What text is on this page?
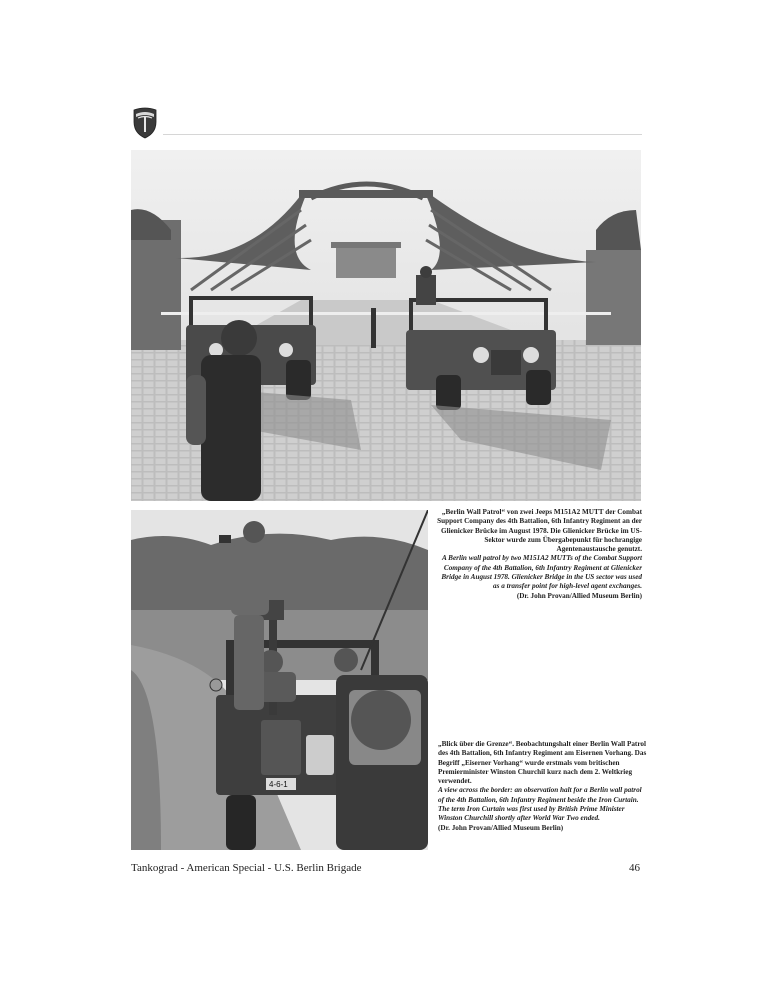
„Berlin Wall Patrol“ von zwei Jeeps M151A2 MUTT der Combat Support Company des 4th Battalion, 6th Infantry Regiment an der Glienicker Brücke im August 1978. Die Glienicker Brücke im US-Sektor wurde zum Übergabepunkt für hochrangige Agentenaustausche genutzt.
A Berlin wall patrol by two M151A2 MUTTs of the Combat Support Company of the 4th Battalion, 6th Infantry Regiment at Glienicker Bridge in August 1978. Glienicker Bridge in the US sector was used as a transfer point for high-level agent exchanges.
(Dr. John Provan/Allied Museum Berlin)
4-6-1
„Blick über die Grenze“. Beobachtungshalt einer Berlin Wall Patrol des 4th Battalion, 6th Infantry Regiment am Eisernen Vorhang. Das Begriff „Eiserner Vorhang“ wurde erstmals vom britischen Premierminister Winston Churchil kurz nach dem 2. Weltkrieg verwendet.
A view across the border: an observation halt for a Berlin wall patrol of the 4th Battalion, 6th Infantry Regiment beside the Iron Curtain. The term Iron Curtain was first used by British Prime Minister Winston Churchill shortly after World War Two ended.
(Dr. John Provan/Allied Museum Berlin)
Tankograd - American Special - U.S. Berlin Brigade	46
